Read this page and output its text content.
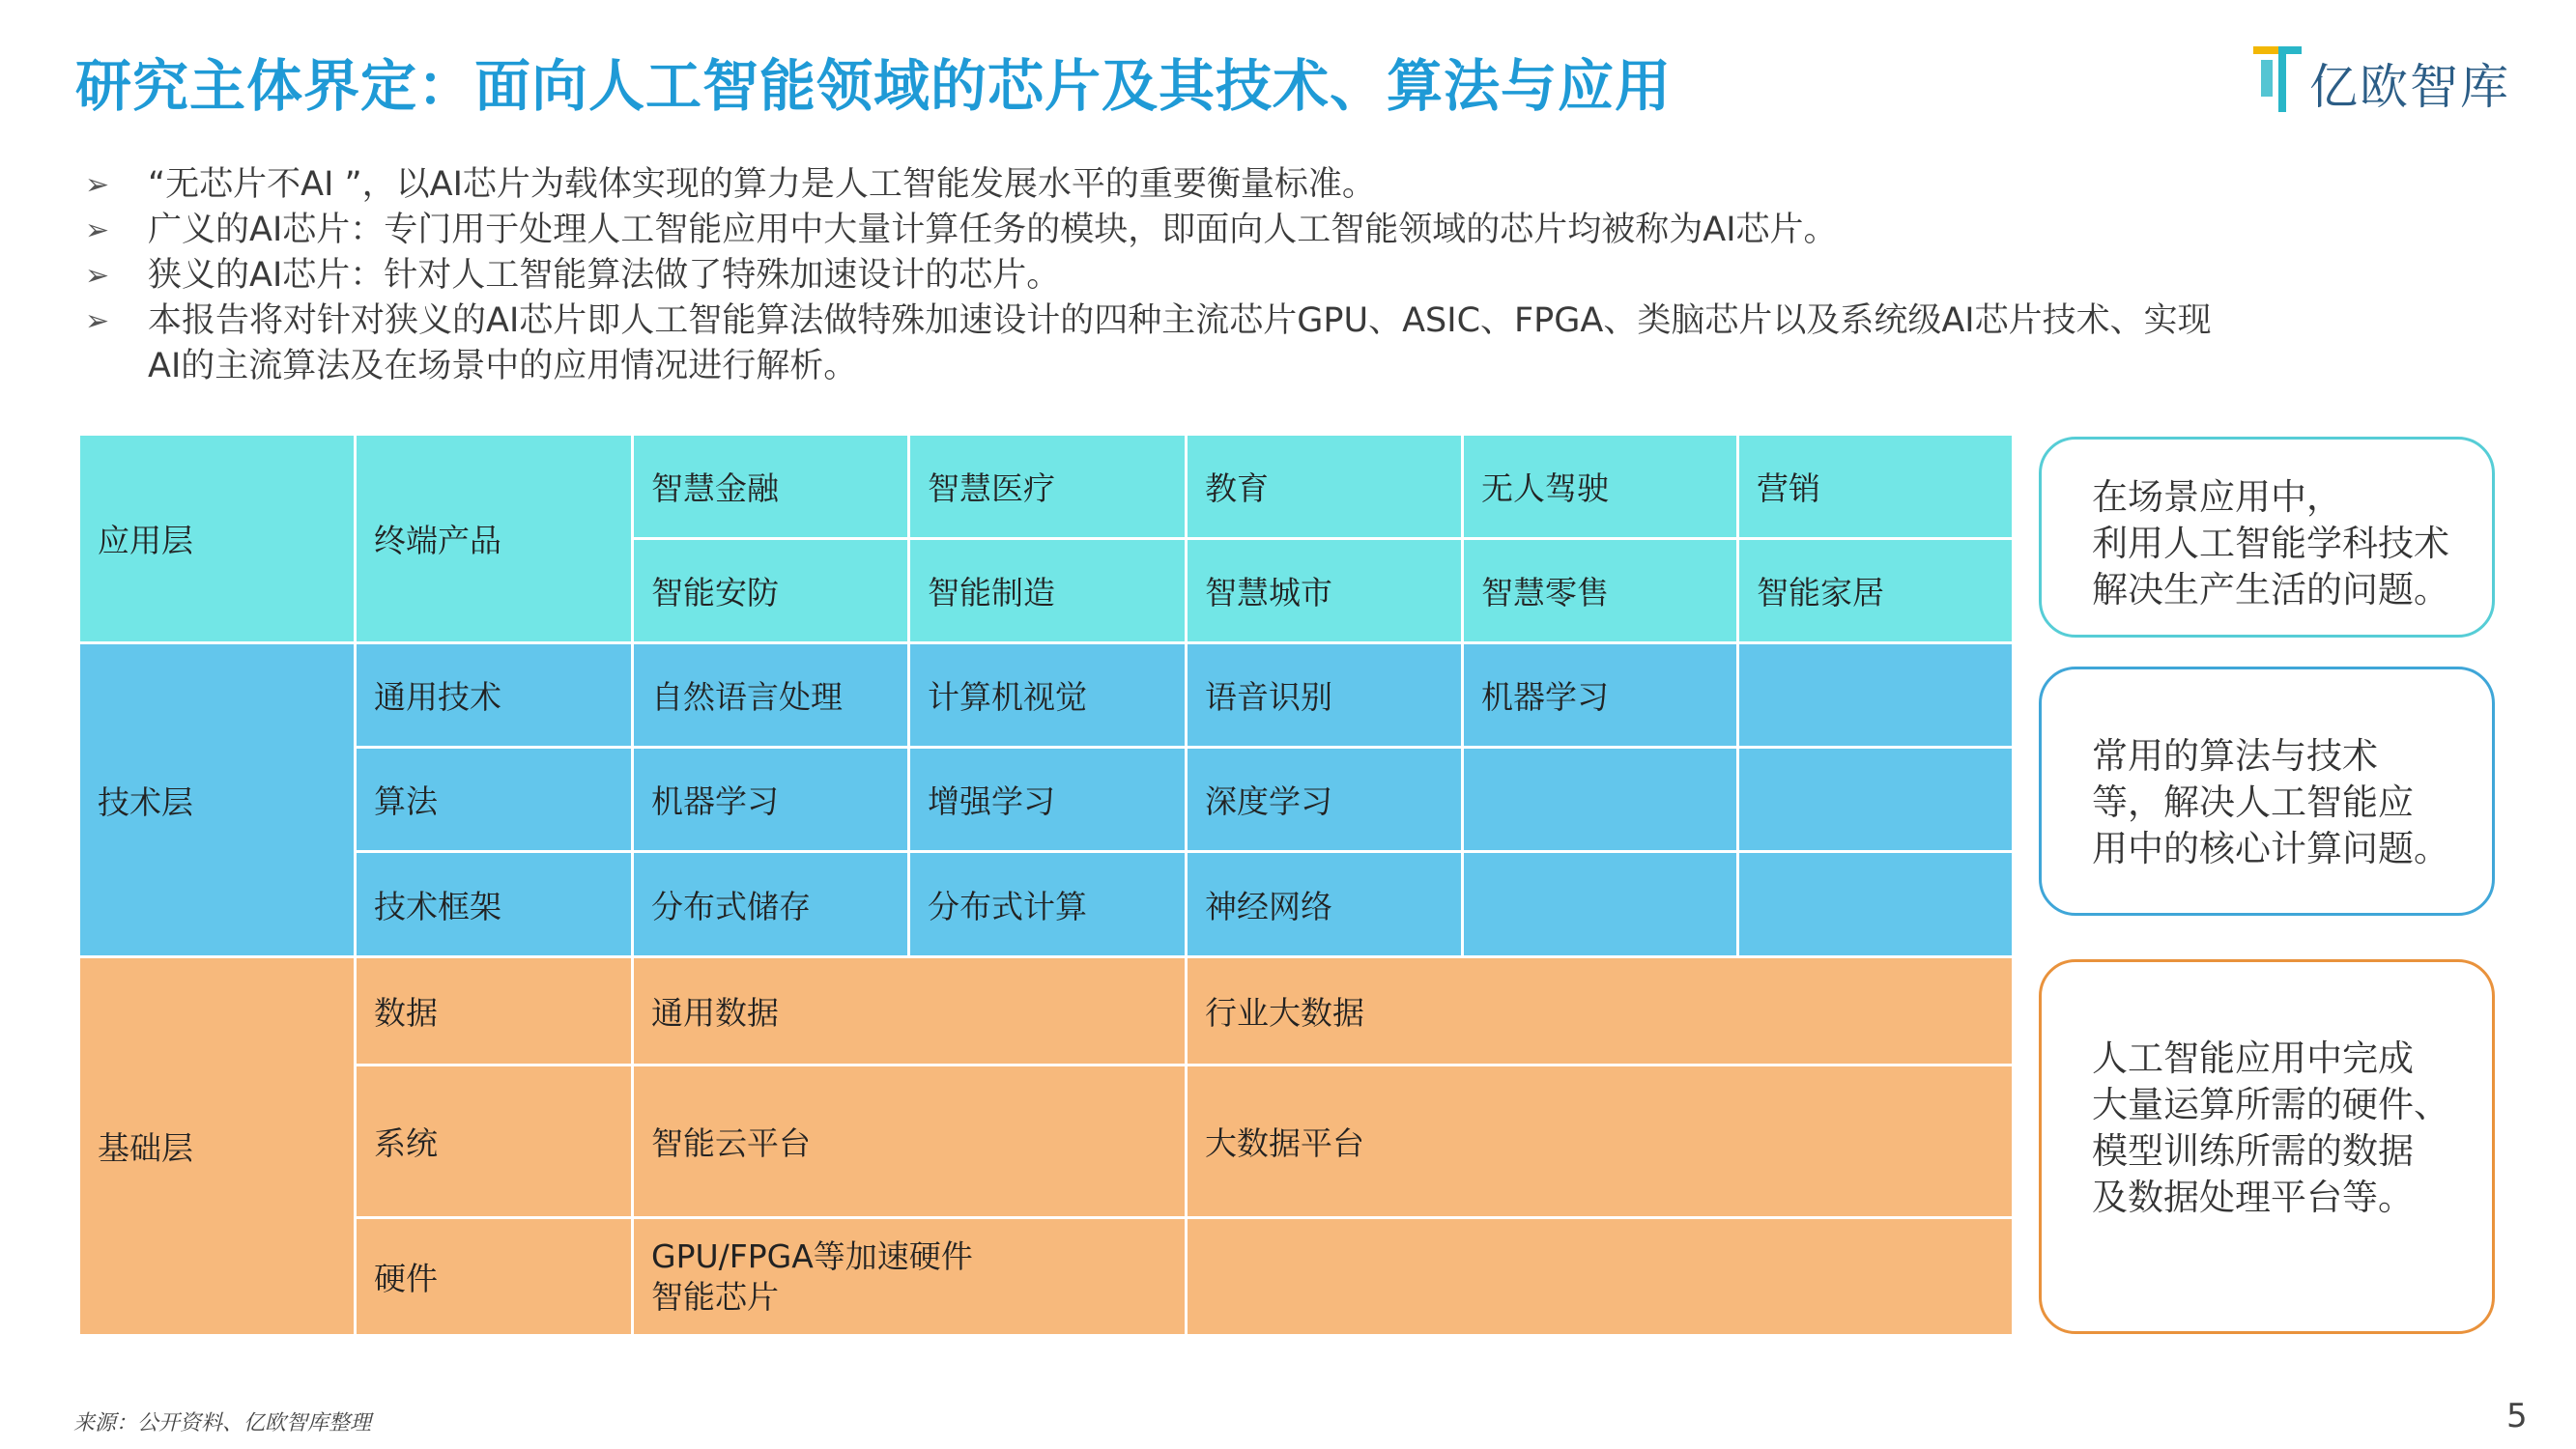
研究主体界定：面向人工智能领域的芯片及其技术、算法与应用	亿欧智库
➢ “无芯片不AI ”，以AI芯片为载体实现的算力是人工智能发展水平的重要衡量标准。
➢ 广义的AI芯片：专门用于处理人工智能应用中大量计算任务的模块，即面向人工智能领域的芯片均被称为AI芯片。
➢ 狭义的AI芯片：针对人工智能算法做了特殊加速设计的芯片。
➢ 本报告将对针对狭义的AI芯片即人工智能算法做特殊加速设计的四种主流芯片GPU、ASIC、FPGA、类脑芯片以及系统级AI芯片技术、实现
AI的主流算法及在场景中的应用情况进行解析。
应用层	终端产品	智慧金融	智慧医疗	教育	无人驾驶	营销
		智能安防	智能制造	智慧城市	智慧零售	智能家居
技术层	通用技术	自然语言处理	计算机视觉	语音识别	机器学习	
	算法	机器学习	增强学习	深度学习		
	技术框架	分布式储存	分布式计算	神经网络		
基础层	数据	通用数据		行业大数据		
	系统	智能云平台		大数据平台		
	硬件	GPU/FPGA等加速硬件
智能芯片				

在场景应用中，
利用人工智能学科技术
解决生产生活的问题。
常用的算法与技术
等，解决人工智能应
用中的核心计算问题。
人工智能应用中完成
大量运算所需的硬件、
模型训练所需的数据
及数据处理平台等。
来源：公开资料、亿欧智库整理	5
